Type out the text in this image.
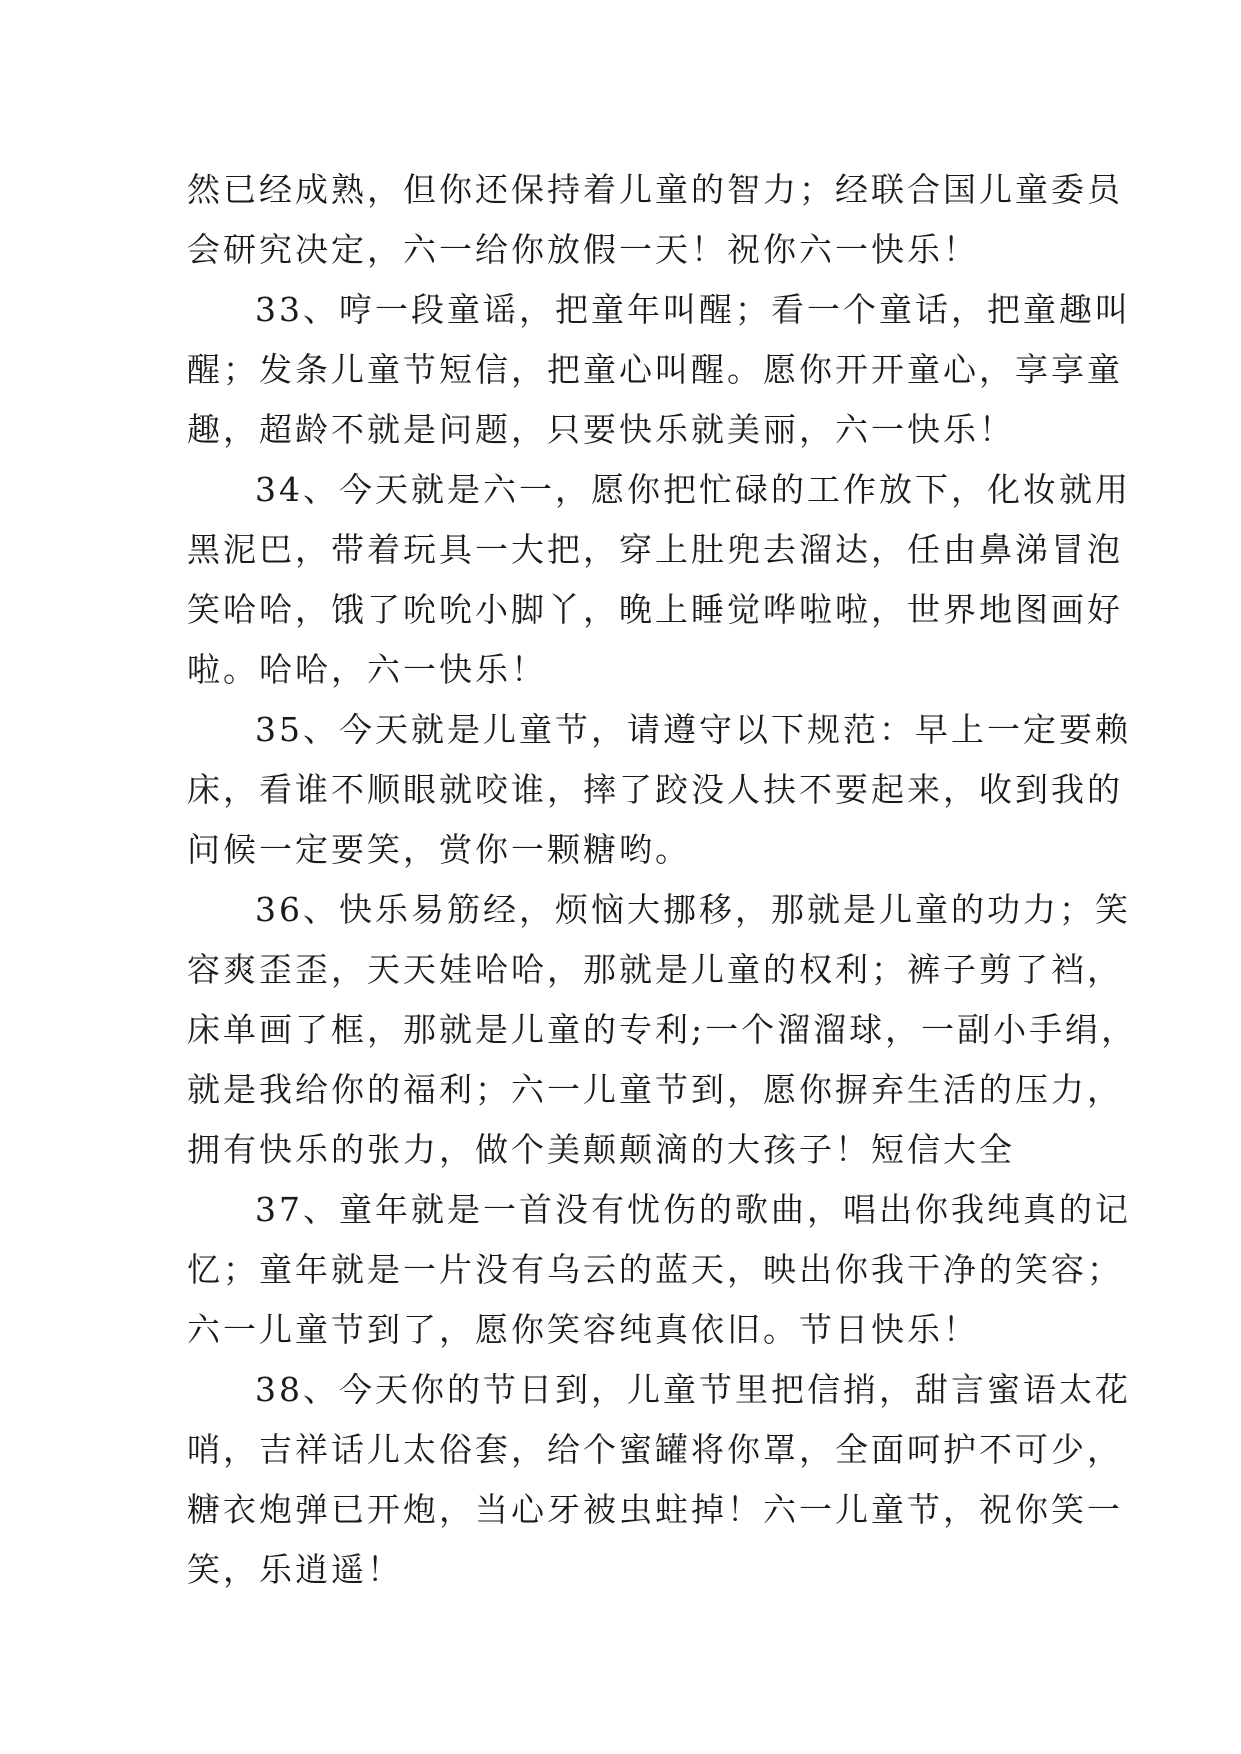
然已经成熟，但你还保持着儿童的智力；经联合国儿童委员
会研究决定，六一给你放假一天！祝你六一快乐！
33、哼一段童谣，把童年叫醒；看一个童话，把童趣叫
醒；发条儿童节短信，把童心叫醒。愿你开开童心，享享童
趣，超龄不就是问题，只要快乐就美丽，六一快乐！
34、今天就是六一，愿你把忙碌的工作放下，化妆就用
黑泥巴，带着玩具一大把，穿上肚兜去溜达，任由鼻涕冒泡
笑哈哈，饿了吮吮小脚丫，晚上睡觉哗啦啦，世界地图画好
啦。哈哈，六一快乐！
35、今天就是儿童节，请遵守以下规范：早上一定要赖
床，看谁不顺眼就咬谁，摔了跤没人扶不要起来，收到我的
问候一定要笑，赏你一颗糖哟。
36、快乐易筋经，烦恼大挪移，那就是儿童的功力；笑
容爽歪歪，天天娃哈哈，那就是儿童的权利；裤子剪了裆，
床单画了框，那就是儿童的专利;一个溜溜球，一副小手绢，
就是我给你的福利；六一儿童节到，愿你摒弃生活的压力，
拥有快乐的张力，做个美颠颠滴的大孩子！短信大全
37、童年就是一首没有忧伤的歌曲，唱出你我纯真的记
忆；童年就是一片没有乌云的蓝天，映出你我干净的笑容；
六一儿童节到了，愿你笑容纯真依旧。节日快乐！
38、今天你的节日到，儿童节里把信捎，甜言蜜语太花
哨，吉祥话儿太俗套，给个蜜罐将你罩，全面呵护不可少，
糖衣炮弹已开炮，当心牙被虫蛀掉！六一儿童节，祝你笑一
笑，乐逍遥！
